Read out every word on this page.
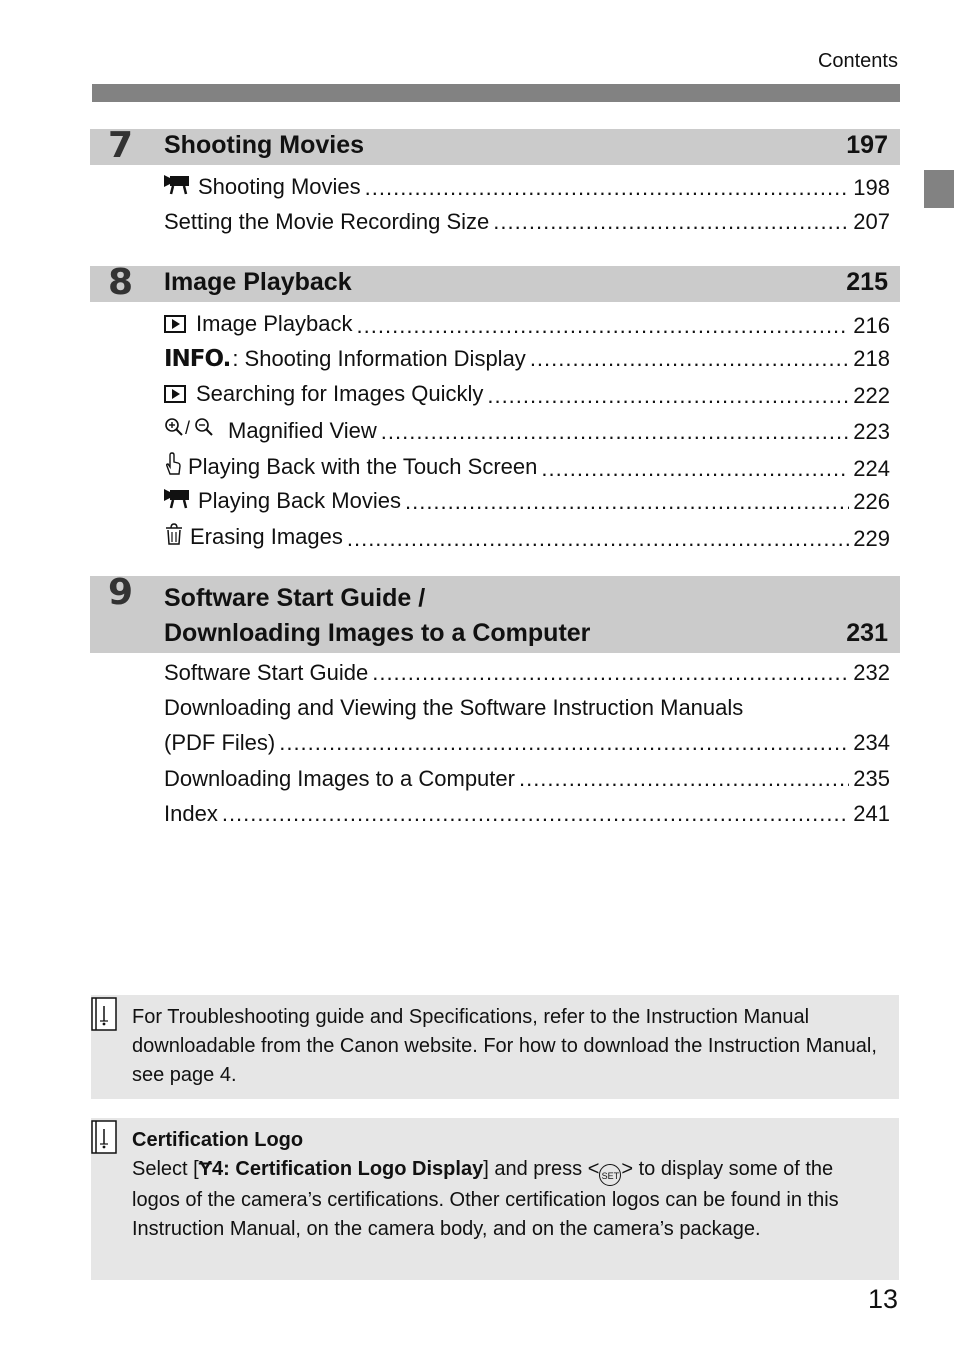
Contents
7 Shooting Movies	197
Shooting Movies .....	198
Setting the Movie Recording Size .....	207
8 Image Playback	215
Image Playback .....	216
INFO. : Shooting Information Display .....	218
Searching for Images Quickly .....	222
/ Magnified View .....	223
Playing Back with the Touch Screen .....	224
Playing Back Movies .....	226
Erasing Images .....	229
9 Software Start Guide /
Downloading Images to a Computer	231
Software Start Guide .....	232
Downloading and Viewing the Software Instruction Manuals
(PDF Files) .....	234
Downloading Images to a Computer .....	235
Index .....	241
For Troubleshooting guide and Specifications, refer to the Instruction Manual downloadable from the Canon website. For how to download the Instruction Manual, see page 4.
Certification Logo
Select [Ɏ4: Certification Logo Display] and press < SET > to display some of the logos of the camera’s certifications. Other certification logos can be found in this Instruction Manual, on the camera body, and on the camera’s package.
13
